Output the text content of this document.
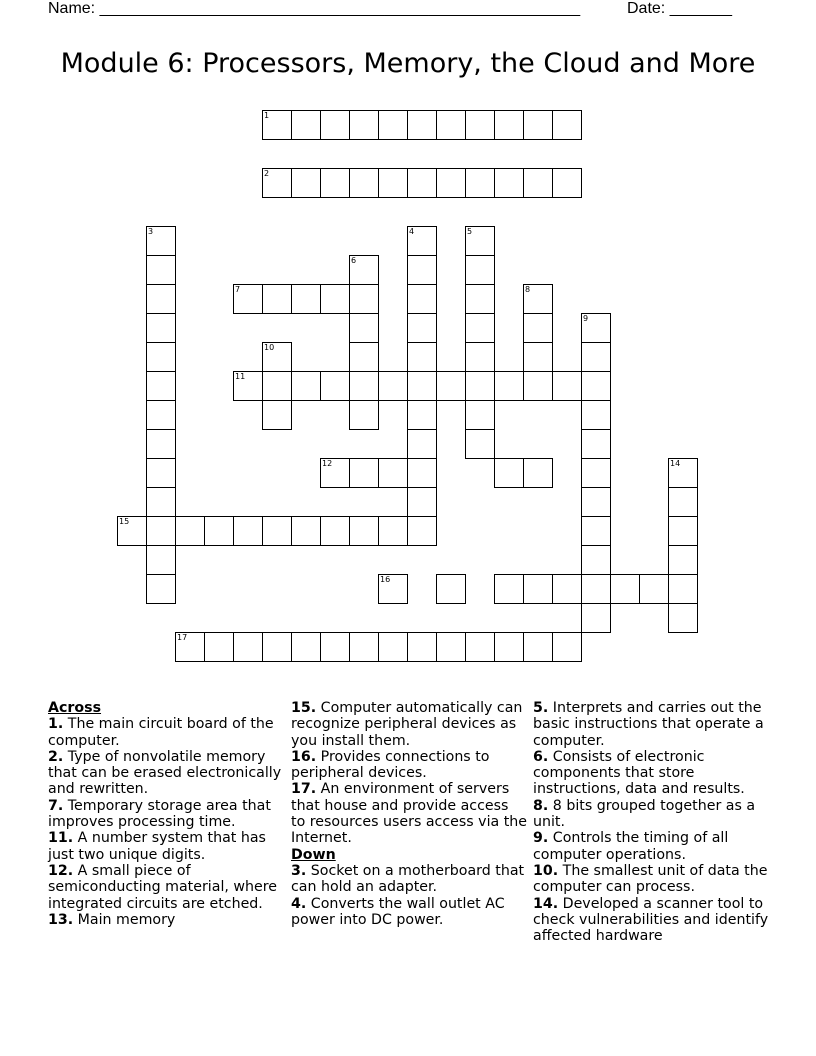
Name: ______________________________________________________	Date: _______
Module 6: Processors, Memory, the Cloud and More
1
2
3	4	5
6
7	8
9
10
11
12	14
15
16
17

Across

1. The main circuit board of the computer.

2. Type of nonvolatile memory that can be erased electronically and rewritten.

7. Temporary storage area that improves processing time.

11. A number system that has just two unique digits.

12. A small piece of semiconducting material, where integrated circuits are etched.

13. Main memory

15. Computer automatically can recognize peripheral devices as you install them.

16. Provides connections to peripheral devices.

17. An environment of servers that house and provide access to resources users access via the Internet.

Down

3. Socket on a motherboard that can hold an adapter.

4. Converts the wall outlet AC power into DC power.

5. Interprets and carries out the basic instructions that operate a computer.

6. Consists of electronic components that store instructions, data and results.

8. 8 bits grouped together as a unit.

9. Controls the timing of all computer operations.

10. The smallest unit of data the computer can process.

14. Developed a scanner tool to check vulnerabilities and identify affected hardware
